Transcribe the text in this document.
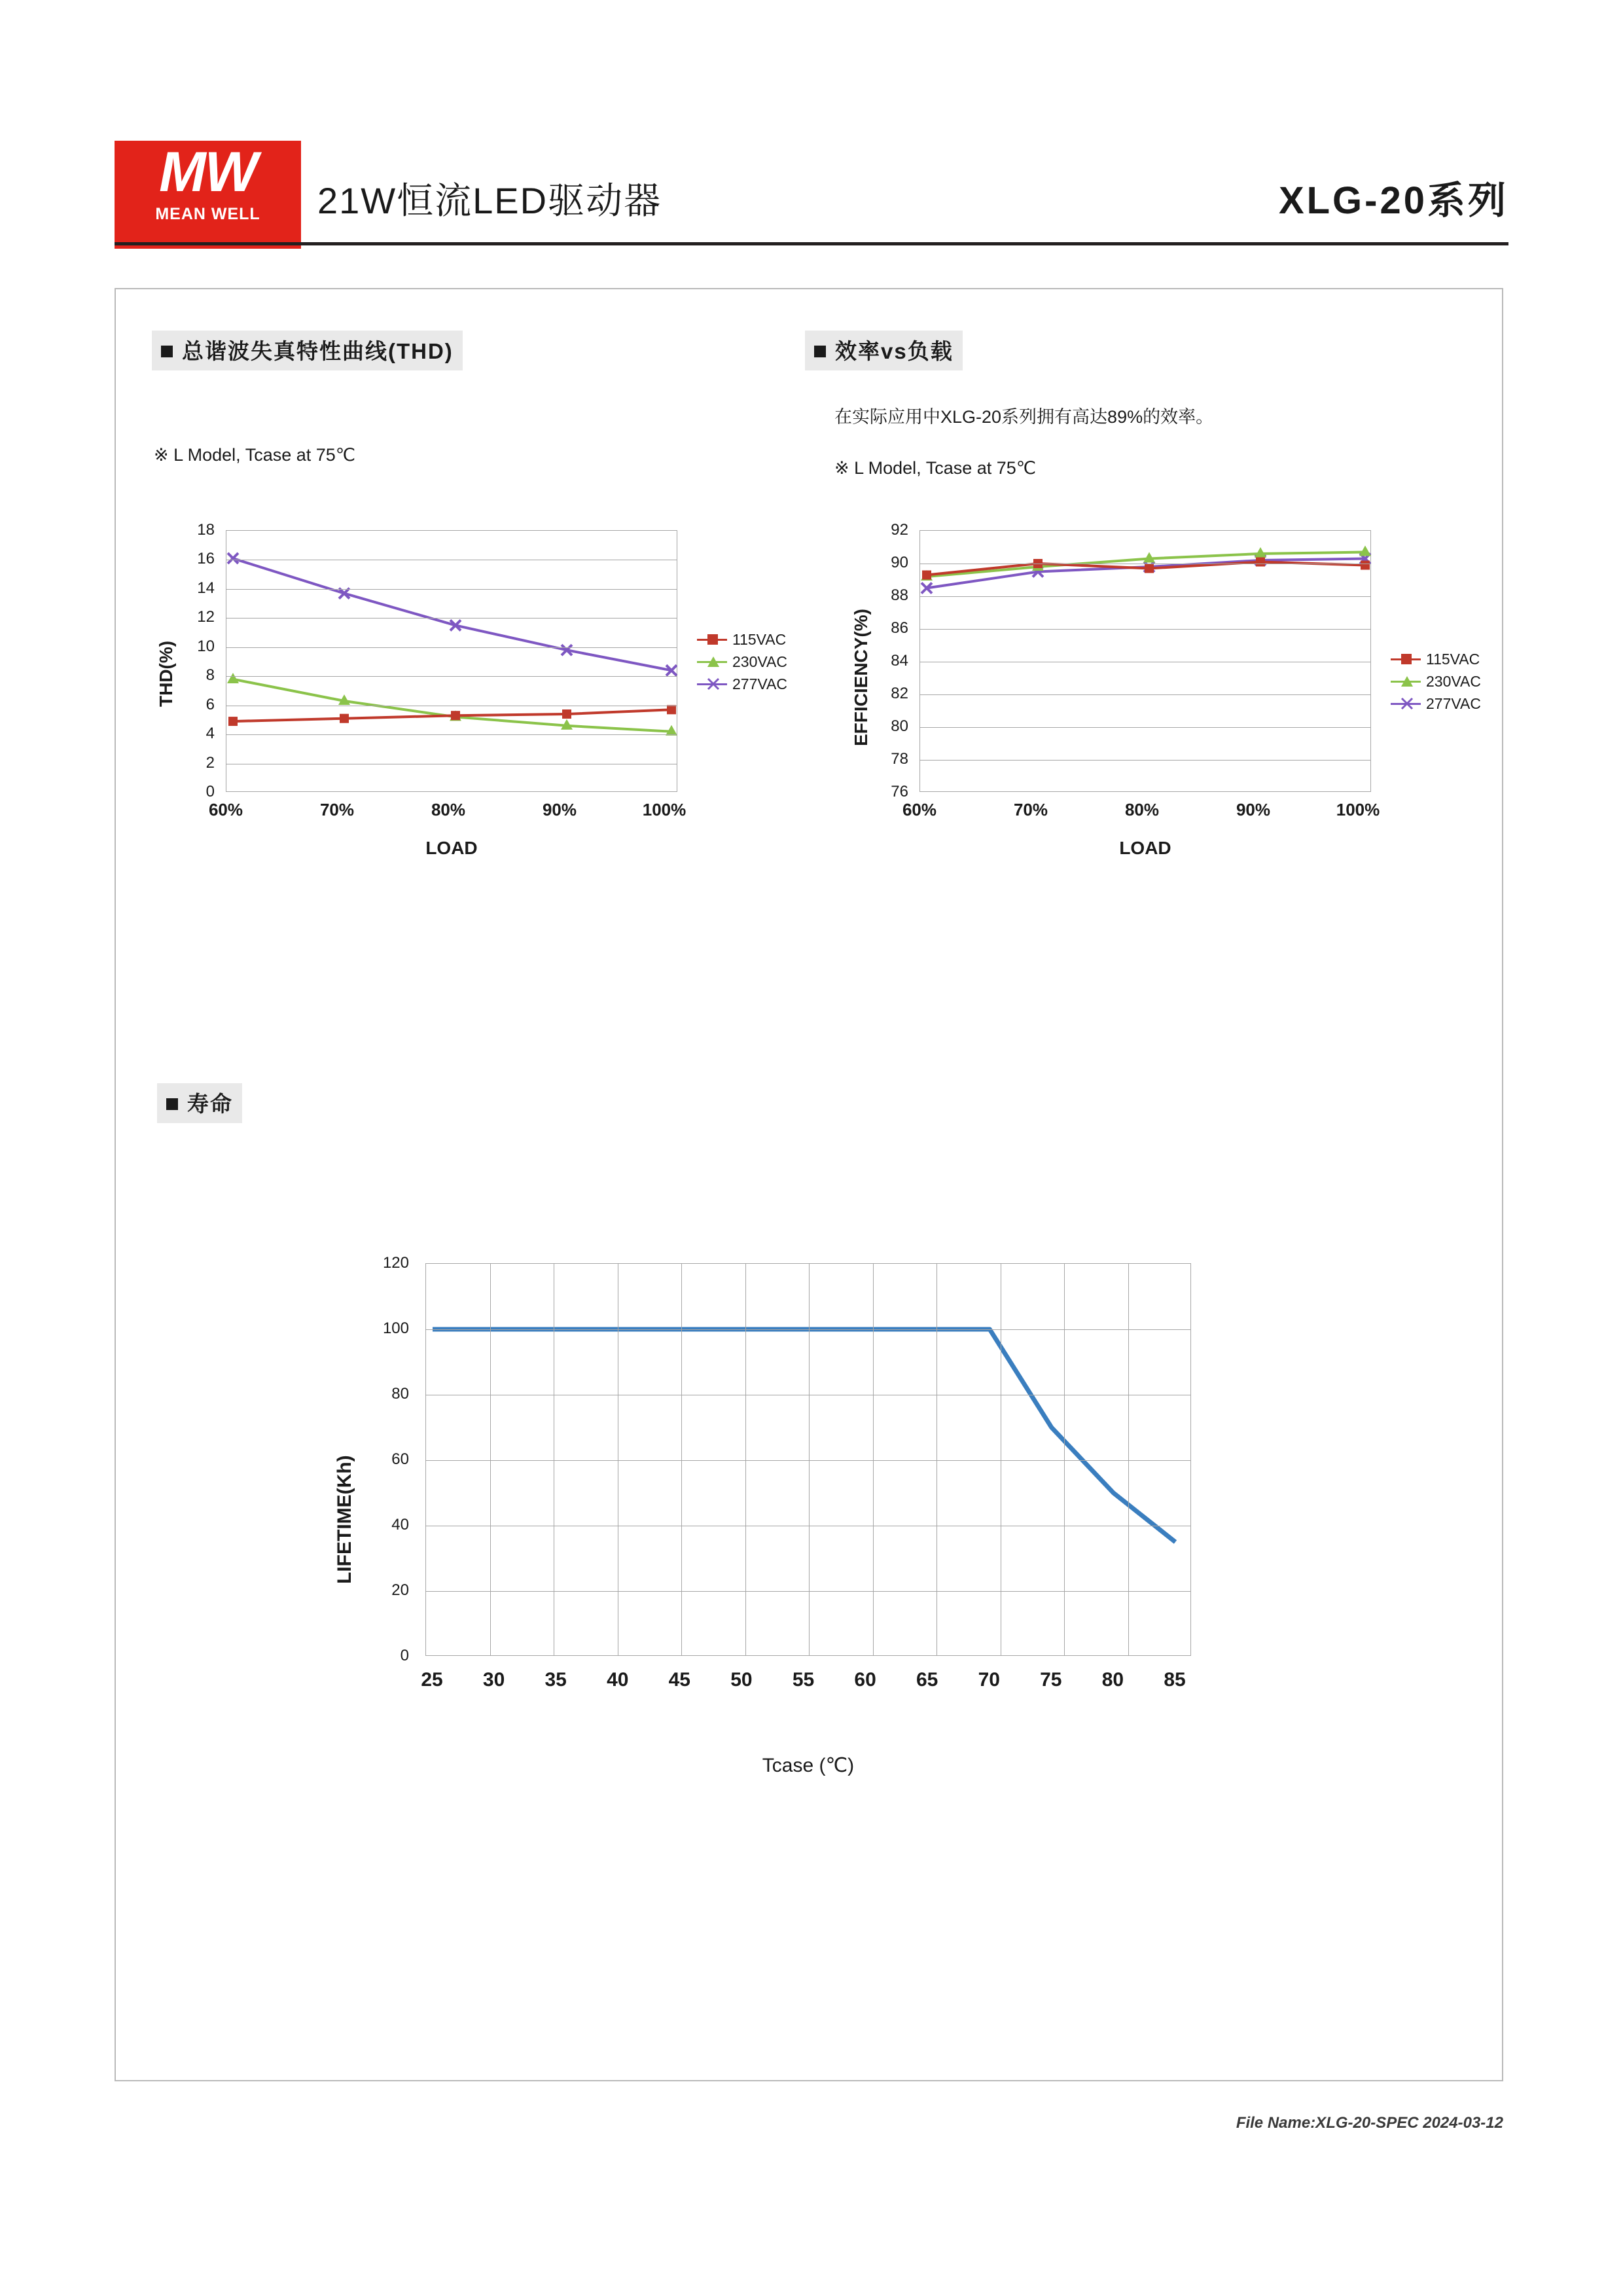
MW
MEAN WELL 21W恒流LED驱动器	XLG-20系列
总谐波失真特性曲线(THD)
※ L Model, Tcase at 75℃
THD(%)
18
16
14
12
10
8
6
4
2
0
60%	70%	80%	90%	100%
LOAD
115VAC
230VAC
277VAC
效率vs负载
在实际应用中XLG-20系列拥有高达89%的效率。
※ L Model, Tcase at 75℃
EFFICIENCY(%)
92
90
88
86
84
82
80
78
76
60%	70%	80%	90%	100%
LOAD
115VAC
230VAC
277VAC
寿命
LIFETIME(Kh)
120
100
80
60
40
20
0
25	30	35	40	45	50	55	60	65	70	75	80	85
Tcase (℃)
File Name:XLG-20-SPEC 2024-03-12
